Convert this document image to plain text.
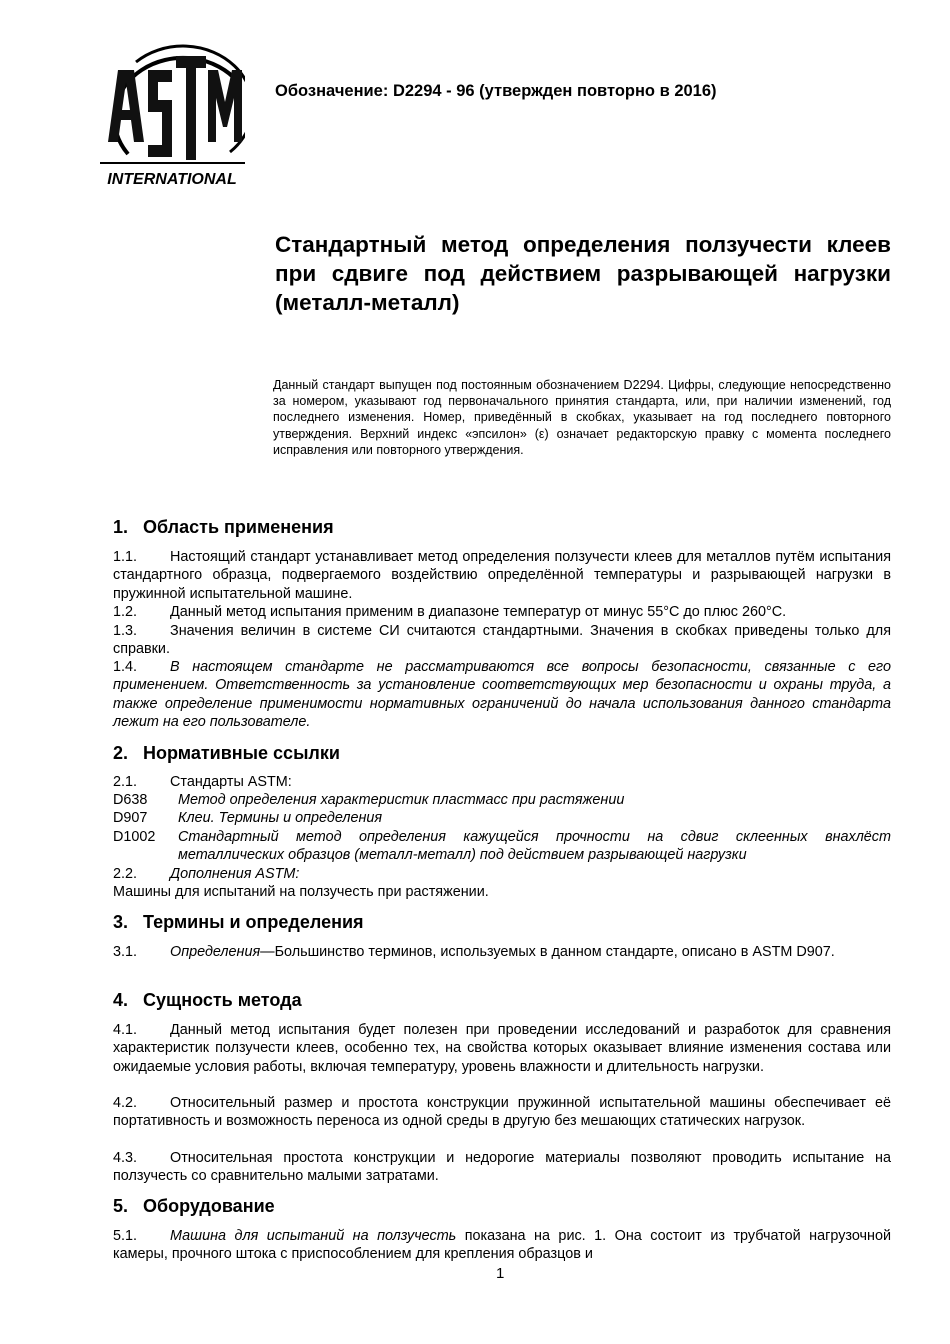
INTERNATIONAL
Обозначение: D2294 - 96 (утвержден повторно в 2016)
Стандартный метод определения ползучести клеев при сдвиге под действием разрывающей нагрузки (металл-металл)
Данный стандарт выпущен под постоянным обозначением D2294. Цифры, следующие непосредственно за номером, указывают год первоначального принятия стандарта, или, при наличии изменений, год последнего изменения. Номер, приведённый в скобках, указывает на год последнего повторного утверждения. Верхний индекс «эпсилон» (ε) означает редакторскую правку с момента последнего исправления или повторного утверждения.
1. Область применения
1.1. Настоящий стандарт устанавливает метод определения ползучести клеев для металлов путём испытания стандартного образца, подвергаемого воздействию определённой температуры и разрывающей нагрузки в пружинной испытательной машине.
1.2. Данный метод испытания применим в диапазоне температур от минус 55°С до плюс 260°С.
1.3. Значения величин в системе СИ считаются стандартными. Значения в скобках приведены только для справки.
1.4. В настоящем стандарте не рассматриваются все вопросы безопасности, связанные с его применением. Ответственность за установление соответствующих мер безопасности и охраны труда, а также определение применимости нормативных ограничений до начала использования данного стандарта лежит на его пользователе.
2. Нормативные ссылки
2.1. Стандарты ASTM:
D638 Метод определения характеристик пластмасс при растяжении
D907 Клеи. Термины и определения
D1002 Стандартный метод определения кажущейся прочности на сдвиг склеенных внахлёст металлических образцов (металл-металл) под действием разрывающей нагрузки
2.2. Дополнения ASTM:
Машины для испытаний на ползучесть при растяжении.
3. Термины и определения
3.1. Определения—Большинство терминов, используемых в данном стандарте, описано в ASTM D907.
4. Сущность метода
4.1. Данный метод испытания будет полезен при проведении исследований и разработок для сравнения характеристик ползучести клеев, особенно тех, на свойства которых оказывает влияние изменения состава или ожидаемые условия работы, включая температуру, уровень влажности и длительность нагрузки.
4.2. Относительный размер и простота конструкции пружинной испытательной машины обеспечивает её портативность и возможность переноса из одной среды в другую без мешающих статических нагрузок.
4.3. Относительная простота конструкции и недорогие материалы позволяют проводить испытание на ползучесть со сравнительно малыми затратами.
5. Оборудование
5.1. Машина для испытаний на ползучесть показана на рис. 1. Она состоит из трубчатой нагрузочной камеры, прочного штока с приспособлением для крепления образцов и
1
